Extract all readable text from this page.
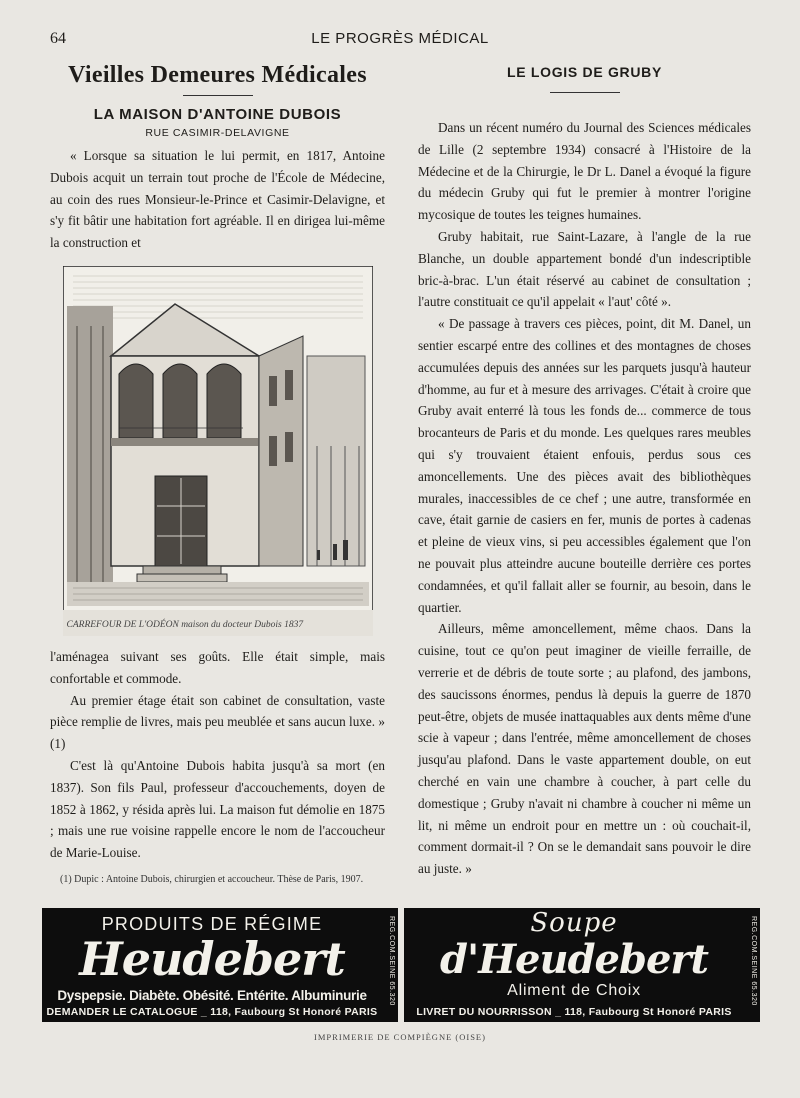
64	LE PROGRÈS MÉDICAL
Vieilles Demeures Médicales
LA MAISON D'ANTOINE DUBOIS
RUE CASIMIR-DELAVIGNE

« Lorsque sa situation le lui permit, en 1817, Antoine Dubois acquit un terrain tout proche de l'École de Médecine, au coin des rues Monsieur-le-Prince et Casimir-Delavigne, et s'y fit bâtir une habitation fort agréable. Il en dirigea lui-même la construction et

CARREFOUR DE L'ODÉON maison du docteur Dubois 1837

l'aménagea suivant ses goûts. Elle était simple, mais confortable et commode.

Au premier étage était son cabinet de consultation, vaste pièce remplie de livres, mais peu meublée et sans aucun luxe. » (1)

C'est là qu'Antoine Dubois habita jusqu'à sa mort (en 1837). Son fils Paul, professeur d'accouchements, doyen de 1852 à 1862, y résida après lui. La maison fut démolie en 1875 ; mais une rue voisine rappelle encore le nom de l'accoucheur de Marie-Louise.

(1) Dupic : Antoine Dubois, chirurgien et accoucheur. Thèse de Paris, 1907.
LE LOGIS DE GRUBY

Dans un récent numéro du Journal des Sciences médicales de Lille (2 septembre 1934) consacré à l'Histoire de la Médecine et de la Chirurgie, le Dr L. Danel a évoqué la figure du médecin Gruby qui fut le premier à montrer l'origine mycosique de toutes les teignes humaines.

Gruby habitait, rue Saint-Lazare, à l'angle de la rue Blanche, un double appartement bondé d'un indescriptible bric-à-brac. L'un était réservé au cabinet de consultation ; l'autre constituait ce qu'il appelait « l'aut' côté ».

« De passage à travers ces pièces, point, dit M. Danel, un sentier escarpé entre des collines et des montagnes de choses accumulées depuis des années sur les parquets jusqu'à hauteur d'homme, au fur et à mesure des arrivages. C'était à croire que Gruby avait enterré là tous les fonds de... commerce de tous brocanteurs de Paris et du monde. Les quelques rares meubles qui s'y trouvaient étaient enfouis, perdus sous ces amoncellements. Une des pièces avait des bibliothèques murales, inaccessibles de ce chef ; une autre, transformée en cave, était garnie de casiers en fer, munis de portes à cadenas et pleine de vieux vins, si peu accessibles également que l'on ne pouvait plus atteindre aucune bouteille derrière ces portes condamnées, et qu'il fallait aller se fournir, au besoin, dans le quartier.

Ailleurs, même amoncellement, même chaos. Dans la cuisine, tout ce qu'on peut imaginer de vieille ferraille, de verrerie et de débris de toute sorte ; au plafond, des jambons, des saucissons énormes, pendus là depuis la guerre de 1870 peut-être, objets de musée inattaquables aux dents même d'une scie à vapeur ; dans l'entrée, même amoncellement de choses jusqu'au plafond. Dans le vaste appartement double, on eut cherché en vain une chambre à coucher, à part celle du domestique ; Gruby n'avait ni chambre à coucher ni même un lit, ni même un endroit pour en mettre un : où couchait-il, comment dormait-il ? On se le demandait sans pouvoir le dire au juste. »

PRODUITS DE RÉGIME
Heudebert
Dyspepsie. Diabète. Obésité. Entérite. Albuminurie
DEMANDER LE CATALOGUE _ 118, Faubourg St Honoré PARIS
REG.COM.SEINE 65.320	Soupe
d'Heudebert
Aliment de Choix
LIVRET DU NOURRISSON _ 118, Faubourg St Honoré PARIS
REG.COM.SEINE 65.320
IMPRIMERIE DE COMPIÈGNE (OISE)
